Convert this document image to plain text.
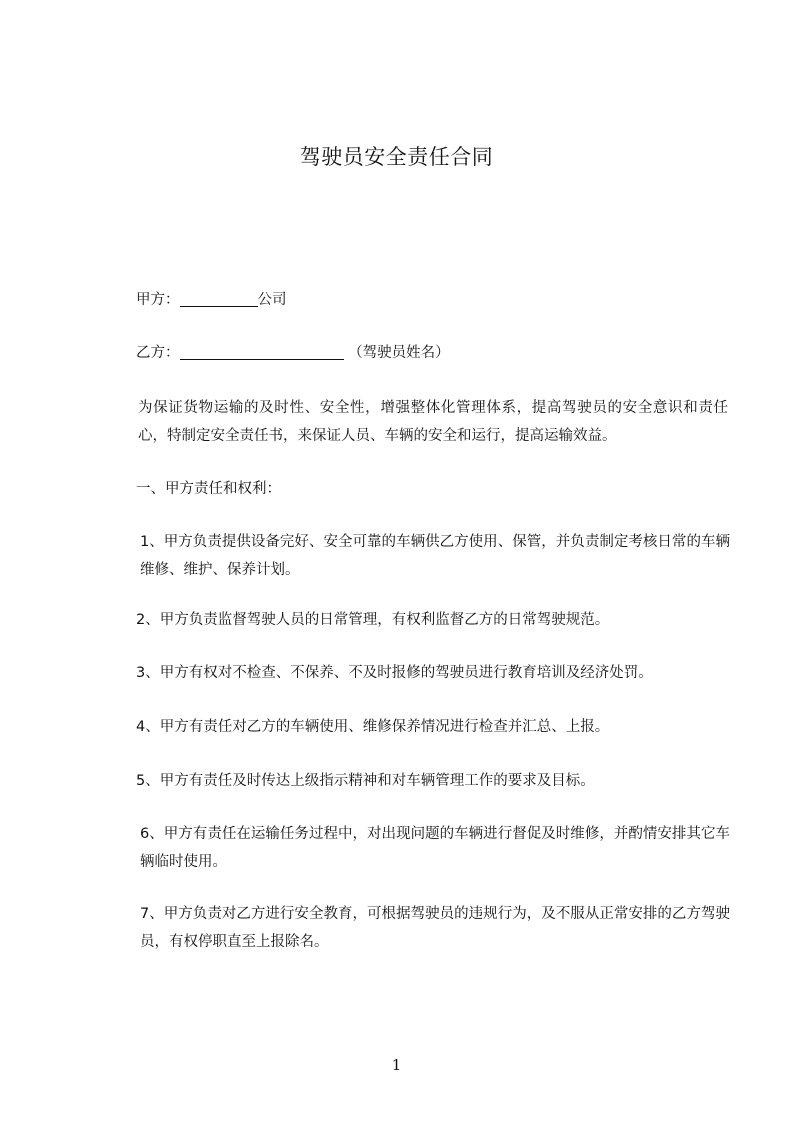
驾驶员安全责任合同
甲方：	公司
乙方：	（驾驶员姓名）
为保证货物运输的及时性、安全性，增强整体化管理体系，提高驾驶员的安全意识和责任心，特制定安全责任书，来保证人员、车辆的安全和运行，提高运输效益。
一、甲方责任和权利：
1、甲方负责提供设备完好、安全可靠的车辆供乙方使用、保管，并负责制定考核日常的车辆维修、维护、保养计划。
2、甲方负责监督驾驶人员的日常管理，有权利监督乙方的日常驾驶规范。
3、甲方有权对不检查、不保养、不及时报修的驾驶员进行教育培训及经济处罚。
4、甲方有责任对乙方的车辆使用、维修保养情况进行检查并汇总、上报。
5、甲方有责任及时传达上级指示精神和对车辆管理工作的要求及目标。
6、甲方有责任在运输任务过程中，对出现问题的车辆进行督促及时维修，并酌情安排其它车辆临时使用。
7、甲方负责对乙方进行安全教育，可根据驾驶员的违规行为，及不服从正常安排的乙方驾驶员，有权停职直至上报除名。
1
